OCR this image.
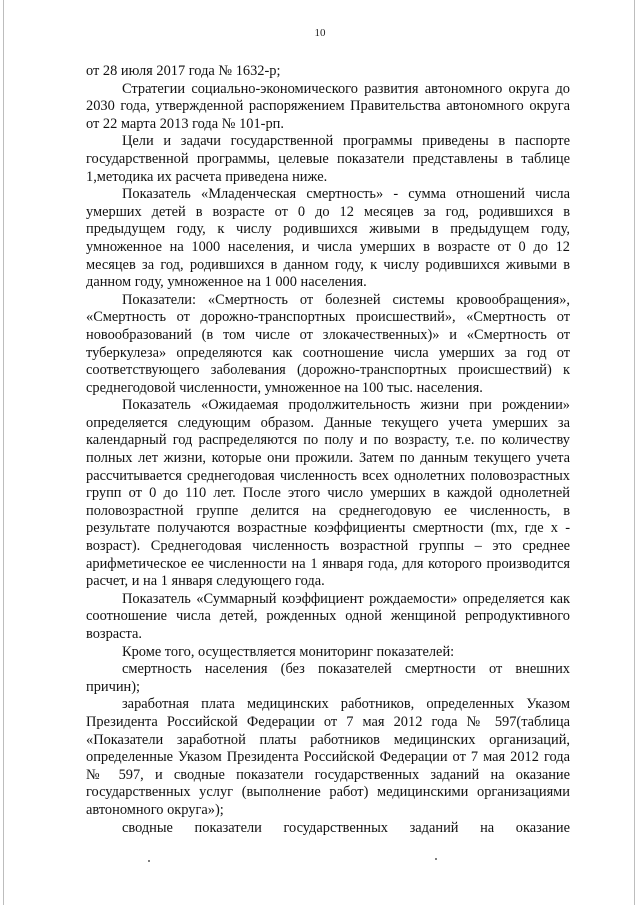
10

от 28 июля 2017 года № 1632-р;

Стратегии социально-экономического развития автономного округа до 2030 года, утвержденной распоряжением Правительства автономного округа от 22 марта 2013 года № 101-рп.

Цели и задачи государственной программы приведены в паспорте государственной программы, целевые показатели представлены в таблице 1,методика их расчета приведена ниже.

Показатель «Младенческая смертность» - сумма отношений числа умерших детей в возрасте от 0 до 12 месяцев за год, родившихся в предыдущем году, к числу родившихся живыми в предыдущем году, умноженное на 1000 населения, и числа умерших в возрасте от 0 до 12 месяцев за год, родившихся в данном году, к числу родившихся живыми в данном году, умноженное на 1 000 населения.

Показатели: «Смертность от болезней системы кровообращения», «Смертность от дорожно-транспортных происшествий», «Смертность от новообразований (в том числе от злокачественных)» и «Смертность от туберкулеза» определяются как соотношение числа умерших за год от соответствующего заболевания (дорожно-транспортных происшествий) к среднегодовой численности, умноженное на 100 тыс. населения.

Показатель «Ожидаемая продолжительность жизни при рождении» определяется следующим образом. Данные текущего учета умерших за календарный год распределяются по полу и по возрасту, т.е. по количеству полных лет жизни, которые они прожили. Затем по данным текущего учета рассчитывается среднегодовая численность всех однолетних половозрастных групп от 0 до 110 лет. После этого число умерших в каждой однолетней половозрастной группе делится на среднегодовую ее численность, в результате получаются возрастные коэффициенты смертности (mx, где x - возраст). Среднегодовая численность возрастной группы – это среднее арифметическое ее численности на 1 января года, для которого производится расчет, и на 1 января следующего года.

Показатель «Суммарный коэффициент рождаемости» определяется как соотношение числа детей, рожденных одной женщиной репродуктивного возраста.

Кроме того, осуществляется мониторинг показателей:

смертность населения (без показателей смертности от внешних причин);

заработная плата медицинских работников, определенных Указом Президента Российской Федерации от 7 мая 2012 года № 597(таблица «Показатели заработной платы работников медицинских организаций, определенные Указом Президента Российской Федерации от 7 мая 2012 года № 597, и сводные показатели государственных заданий на оказание государственных услуг (выполнение работ) медицинскими организациями автономного округа»);

сводные показатели государственных заданий на оказание
